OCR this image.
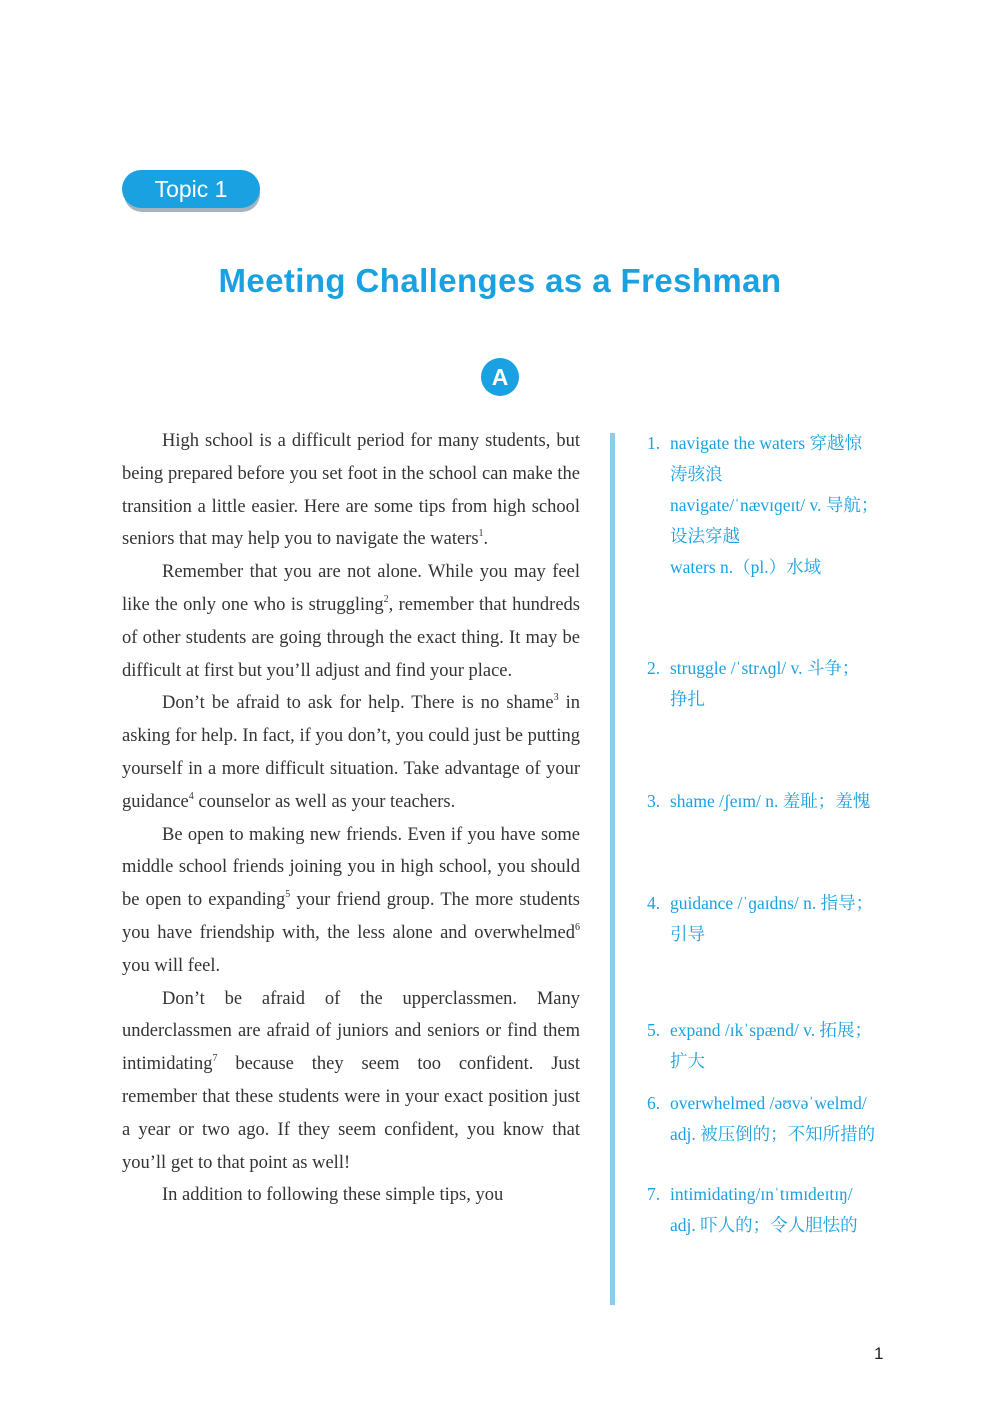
Topic 1
Meeting Challenges as a Freshman
A

High school is a difficult period for many students, but being prepared before you set foot in the school can make the transition a little easier. Here are some tips from high school seniors that may help you to navigate the waters$^1$.

Remember that you are not alone. While you may feel like the only one who is struggling$^2$, remember that hundreds of other students are going through the exact thing. It may be difficult at first but you’ll adjust and find your place.

Don’t be afraid to ask for help. There is no shame$^3$ in asking for help. In fact, if you don’t, you could just be putting yourself in a more difficult situation. Take advantage of your guidance$^4$ counselor as well as your teachers.

Be open to making new friends. Even if you have some middle school friends joining you in high school, you should be open to expanding$^5$ your friend group. The more students you have friendship with, the less alone and overwhelmed$^6$ you will feel.

Don’t be afraid of the upperclassmen. Many underclassmen are afraid of juniors and seniors or find them intimidating$^7$ because they seem too confident. Just remember that these students were in your exact position just a year or two ago. If they seem confident, you know that you’ll get to that point as well!

In addition to following these simple tips, you

1. navigate the waters 穿越惊
涛骇浪
navigate/ˈnævɪɡeɪt/ v. 导航；
设法穿越
waters n.（pl.）水域
2. struggle /ˈstrʌɡl/ v. 斗争；
挣扎
3. shame /ʃeɪm/ n. 羞耻；羞愧
4. guidance /ˈɡaɪdns/ n. 指导；
引导
5. expand /ɪkˈspænd/ v. 拓展；
扩大
6. overwhelmed /əʊvəˈwelmd/
adj. 被压倒的；不知所措的
7. intimidating/ɪnˈtɪmɪdeɪtɪŋ/
adj. 吓人的；令人胆怯的
1
